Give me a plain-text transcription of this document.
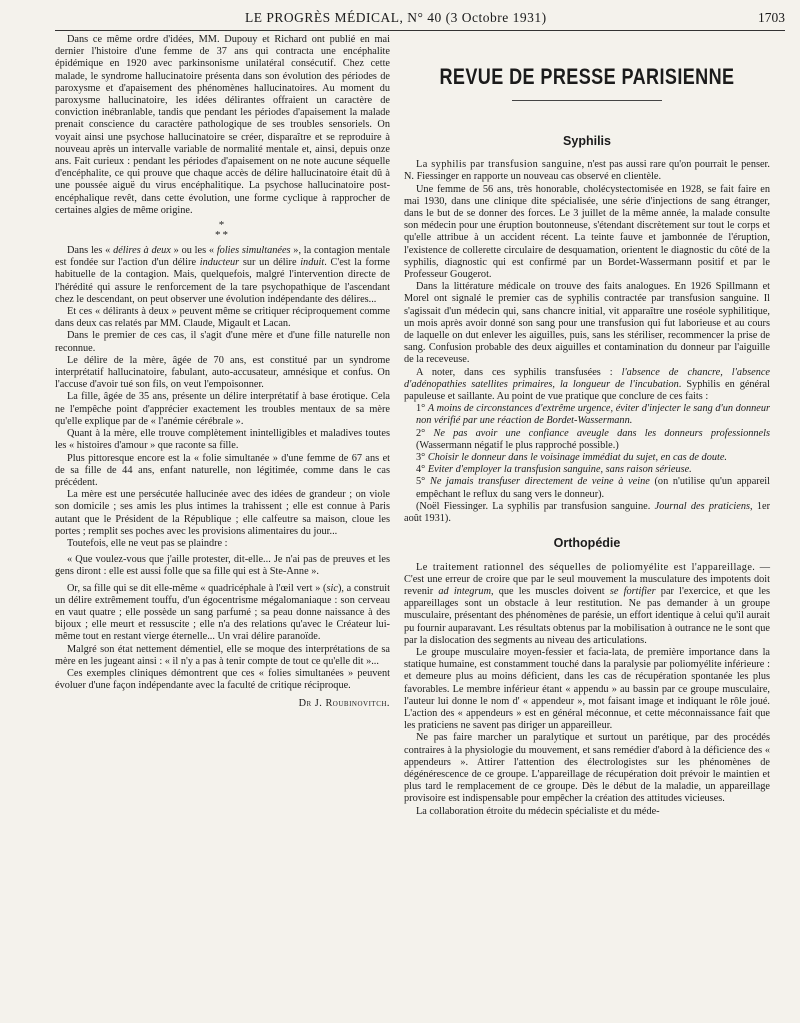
LE PROGRÈS MÉDICAL, N° 40 (3 Octobre 1931)	1703

Dans ce même ordre d'idées, MM. Dupouy et Richard ont publié en mai dernier l'histoire d'une femme de 37 ans qui contracta une encéphalite épidémique en 1920 avec parkinsonisme unilatéral consécutif. Chez cette malade, le syndrome hallucinatoire présenta dans son évolution des périodes de paroxysme et d'apaisement des phénomènes hallucinatoires. Au moment du paroxysme hallucinatoire, les idées délirantes offraient un caractère de conviction inébranlable, tandis que pendant les périodes d'apaisement la malade prenait conscience du caractère pathologique de ses troubles sensoriels. On voyait ainsi une psychose hallucinatoire se créer, disparaître et se reproduire à nouveau après un intervalle variable de normalité mentale et, ainsi, depuis onze ans. Fait curieux : pendant les périodes d'apaisement on ne note aucune séquelle d'encéphalite, ce qui prouve que chaque accès de délire hallucinatoire était dû à une poussée aiguë du virus encéphalitique. La psychose hallucinatoire post-encéphalique revêt, dans cette évolution, une forme cyclique à rapprocher de certaines algies de même origine.

*
**

Dans les « délires à deux » ou les « folies simultanées », la contagion mentale est fondée sur l'action d'un délire inducteur sur un délire induit. C'est la forme habituelle de la contagion. Mais, quelquefois, malgré l'intervention directe de l'hérédité qui assure le renforcement de la tare psychopathique de l'ascendant chez le descendant, on peut observer une évolution indépendante des délires...

Et ces « délirants à deux » peuvent même se critiquer réciproquement comme dans deux cas relatés par MM. Claude, Migault et Lacan.

Dans le premier de ces cas, il s'agit d'une mère et d'une fille naturelle non reconnue.

Le délire de la mère, âgée de 70 ans, est constitué par un syndrome interprétatif hallucinatoire, fabulant, auto-accusateur, amnésique et confus. On l'accuse d'avoir tué son fils, on veut l'empoisonner.

La fille, âgée de 35 ans, présente un délire interprétatif à base érotique. Cela ne l'empêche point d'apprécier exactement les troubles mentaux de sa mère qu'elle explique par de « l'anémie cérébrale ».

Quant à la mère, elle trouve complètement inintelligibles et maladives toutes les « histoires d'amour » que raconte sa fille.

Plus pittoresque encore est la « folie simultanée » d'une femme de 67 ans et de sa fille de 44 ans, enfant naturelle, non légitimée, comme dans le cas précédent.

La mère est une persécutée hallucinée avec des idées de grandeur ; on viole son domicile ; ses amis les plus intimes la trahissent ; elle est connue à Paris autant que le Président de la République ; elle calfeutre sa maison, cloue les portes ; remplit ses poches avec les provisions alimentaires du jour...

Toutefois, elle ne veut pas se plaindre :

« Que voulez-vous que j'aille protester, dit-elle... Je n'ai pas de preuves et les gens diront : elle est aussi folle que sa fille qui est à Ste-Anne ».

Or, sa fille qui se dit elle-même « quadricéphale à l'œil vert » (sic), a construit un délire extrêmement touffu, d'un égocentrisme mégalomaniaque : son cerveau en vaut quatre ; elle possède un sang parfumé ; sa peau donne naissance à des bijoux ; elle meurt et ressuscite ; elle n'a des relations qu'avec le Créateur lui-même tout en restant vierge éternelle... Un vrai délire paranoïde.

Malgré son état nettement démentiel, elle se moque des interprétations de sa mère en les jugeant ainsi : « il n'y a pas à tenir compte de tout ce qu'elle dit »...

Ces exemples cliniques démontrent que ces « folies simultanées » peuvent évoluer d'une façon indépendante avec la faculté de critique réciproque.

Dr J. Roubinovitch.
REVUE DE PRESSE PARISIENNE
Syphilis

La syphilis par transfusion sanguine, n'est pas aussi rare qu'on pourrait le penser. N. Fiessinger en rapporte un nouveau cas observé en clientèle.

Une femme de 56 ans, très honorable, cholécystectomisée en 1928, se fait faire en mai 1930, dans une clinique dite spécialisée, une série d'injections de sang étranger, dans le but de se donner des forces. Le 3 juillet de la même année, la malade consulte son médecin pour une éruption boutonneuse, s'étendant discrètement sur tout le corps et qu'elle attribue à un accident récent. La teinte fauve et jambonnée de l'éruption, l'existence de collerette circulaire de desquamation, orientent le diagnostic du côté de la syphilis, diagnostic qui est confirmé par un Bordet-Wassermann positif et par le Professeur Gougerot.

Dans la littérature médicale on trouve des faits analogues. En 1926 Spillmann et Morel ont signalé le premier cas de syphilis contractée par transfusion sanguine. Il s'agissait d'un médecin qui, sans chancre initial, vit apparaître une roséole syphilitique, un mois après avoir donné son sang pour une transfusion qui fut laborieuse et au cours de laquelle on dut enlever les aiguilles, puis, sans les stériliser, recommencer la prise de sang. Confusion probable des deux aiguilles et contamination du donneur par l'aiguille de la receveuse.

A noter, dans ces syphilis transfusées : l'absence de chancre, l'absence d'adénopathies satellites primaires, la longueur de l'incubation. Syphilis en général papuleuse et saillante. Au point de vue pratique que conclure de ces faits :

1° A moins de circonstances d'extrême urgence, éviter d'injecter le sang d'un donneur non vérifié par une réaction de Bordet-Wassermann.

2° Ne pas avoir une confiance aveugle dans les donneurs professionnels (Wassermann négatif le plus rapproché possible.)

3° Choisir le donneur dans le voisinage immédiat du sujet, en cas de doute.

4° Eviter d'employer la transfusion sanguine, sans raison sérieuse.

5° Ne jamais transfuser directement de veine à veine (on n'utilise qu'un appareil empêchant le reflux du sang vers le donneur).

(Noël Fiessinger. La syphilis par transfusion sanguine. Journal des praticiens, 1er août 1931).

Orthopédie

Le traitement rationnel des séquelles de poliomyélite est l'appareillage. — C'est une erreur de croire que par le seul mouvement la musculature des impotents doit revenir ad integrum, que les muscles doivent se fortifier par l'exercice, et que les appareillages sont un obstacle à leur restitution. Ne pas demander à un groupe musculaire, présentant des phénomènes de parésie, un effort identique à celui qu'il aurait pu fournir auparavant. Les résultats obtenus par la mobilisation à outrance ne le sont que par la dislocation des segments au niveau des articulations.

Le groupe musculaire moyen-fessier et facia-lata, de première importance dans la statique humaine, est constamment touché dans la paralysie par poliomyélite inférieure : et demeure plus au moins déficient, dans les cas de récupération spontanée les plus favorables. Le membre inférieur étant « appendu » au bassin par ce groupe musculaire, l'auteur lui donne le nom d' « appendeur », mot faisant image et indiquant le rôle joué. L'action des « appendeurs » est en général méconnue, et cette méconnaissance fait que les praticiens ne savent pas diriger un appareilleur.

Ne pas faire marcher un paralytique et surtout un parétique, par des procédés contraires à la physiologie du mouvement, et sans remédier d'abord à la déficience des « appendeurs ». Attirer l'attention des électrologistes sur les phénomènes de dégénérescence de ce groupe. L'appareillage de récupération doit prévoir le maintien et plus tard le remplacement de ce groupe. Dès le début de la maladie, un appareillage provisoire est indispensable pour empêcher la création des attitudes vicieuses.

La collaboration étroite du médecin spécialiste et du méde-
